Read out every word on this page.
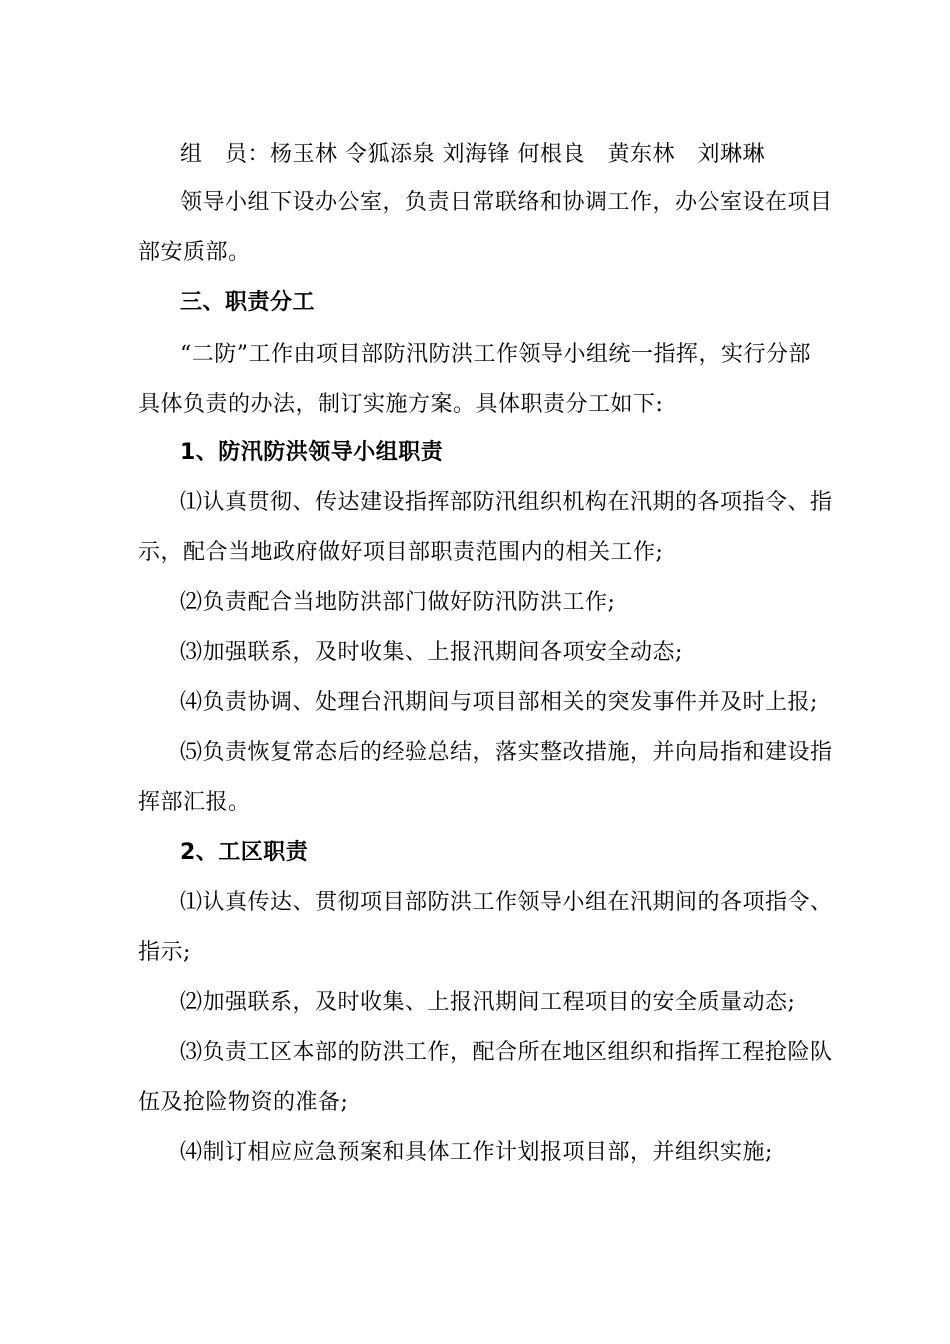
组　员：杨玉林 令狐添泉 刘海锋 何根良　黄东林　刘琳琳
领导小组下设办公室，负责日常联络和协调工作，办公室设在项目
部安质部。
三、职责分工
“二防”工作由项目部防汛防洪工作领导小组统一指挥，实行分部
具体负责的办法，制订实施方案。具体职责分工如下:
1、防汛防洪领导小组职责
⑴认真贯彻、传达建设指挥部防汛组织机构在汛期的各项指令、指
示，配合当地政府做好项目部职责范围内的相关工作;
⑵负责配合当地防洪部门做好防汛防洪工作;
⑶加强联系，及时收集、上报汛期间各项安全动态;
⑷负责协调、处理台汛期间与项目部相关的突发事件并及时上报;
⑸负责恢复常态后的经验总结，落实整改措施，并向局指和建设指
挥部汇报。
2、工区职责
⑴认真传达、贯彻项目部防洪工作领导小组在汛期间的各项指令、
指示;
⑵加强联系，及时收集、上报汛期间工程项目的安全质量动态;
⑶负责工区本部的防洪工作，配合所在地区组织和指挥工程抢险队
伍及抢险物资的准备;
⑷制订相应应急预案和具体工作计划报项目部，并组织实施;
